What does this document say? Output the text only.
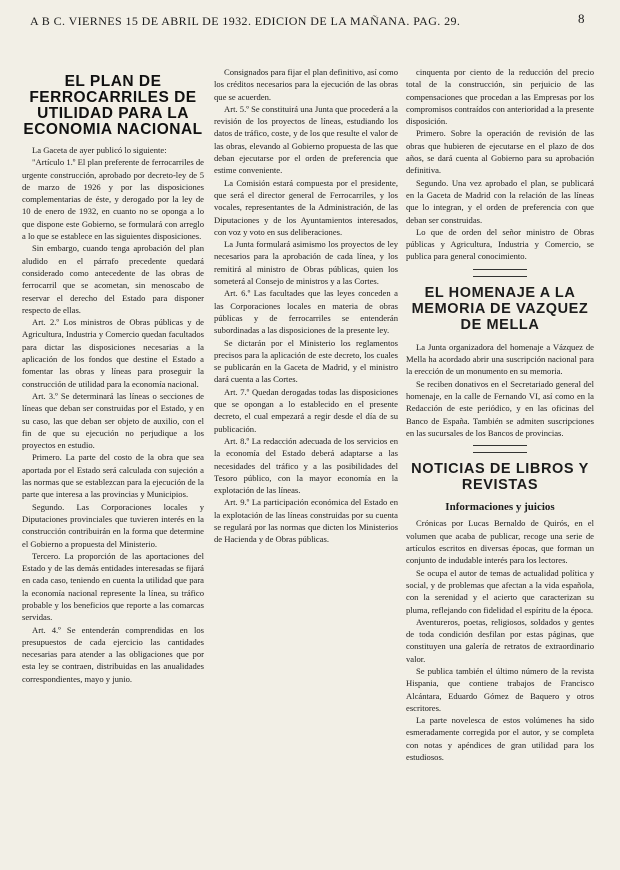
A B C. VIERNES 15 DE ABRIL DE 1932. EDICION DE LA MAÑANA. PAG. 29.	8
EL PLAN DE FERROCARRILES DE UTILIDAD PARA LA ECONOMIA NACIONAL

La Gaceta de ayer publicó lo siguiente:

"Artículo 1.º El plan preferente de ferrocarriles de urgente construcción, aprobado por decreto-ley de 5 de marzo de 1926 y por las disposiciones complementarias de éste, y derogado por la ley de 10 de enero de 1932, en cuanto no se oponga a lo que dispone este Gobierno, se formulará con arreglo a lo que se establece en las siguientes disposiciones.

Sin embargo, cuando tenga aprobación del plan aludido en el párrafo precedente quedará considerado como antecedente de las obras de ferrocarril que se acometan, sin menoscabo de reservar el derecho del Estado para disponer respecto de ellas.

Art. 2.º Los ministros de Obras públicas y de Agricultura, Industria y Comercio quedan facultados para dictar las disposiciones necesarias a la aplicación de los fondos que destine el Estado a fomentar las obras y líneas para proseguir la construcción de utilidad para la economía nacional.

Art. 3.º Se determinará las líneas o secciones de líneas que deban ser construidas por el Estado, y en su caso, las que deban ser objeto de auxilio, con el fin de que su ejecución no perjudique a los proyectos en estudio.

Primero. La parte del costo de la obra que sea aportada por el Estado será calculada con sujeción a las normas que se establezcan para la ejecución de la parte que interesa a las provincias y Municipios.

Segundo. Las Corporaciones locales y Diputaciones provinciales que tuvieren interés en la construcción contribuirán en la forma que determine el Gobierno a propuesta del Ministerio.

Tercero. La proporción de las aportaciones del Estado y de las demás entidades interesadas se fijará en cada caso, teniendo en cuenta la utilidad que para la economía nacional represente la línea, su tráfico probable y los beneficios que reporte a las comarcas servidas.

Art. 4.º Se entenderán comprendidas en los presupuestos de cada ejercicio las cantidades necesarias para atender a las obligaciones que por esta ley se contraen, distribuidas en las anualidades correspondientes, mayo y junio.

Consignados para fijar el plan definitivo, así como los créditos necesarios para la ejecución de las obras que se acuerden.

Art. 5.º Se constituirá una Junta que procederá a la revisión de los proyectos de líneas, estudiando los datos de tráfico, coste, y de los que resulte el valor de las obras, elevando al Gobierno propuesta de las que deban ejecutarse por el orden de preferencia que estime conveniente.

La Comisión estará compuesta por el presidente, que será el director general de Ferrocarriles, y los vocales, representantes de la Administración, de las Diputaciones y de los Ayuntamientos interesados, con voz y voto en sus deliberaciones.

La Junta formulará asimismo los proyectos de ley necesarios para la aprobación de cada línea, y los remitirá al ministro de Obras públicas, quien los someterá al Consejo de ministros y a las Cortes.

Art. 6.º Las facultades que las leyes conceden a las Corporaciones locales en materia de obras públicas y de ferrocarriles se entenderán subordinadas a las disposiciones de la presente ley.

Se dictarán por el Ministerio los reglamentos precisos para la aplicación de este decreto, los cuales se publicarán en la Gaceta de Madrid, y el ministro dará cuenta a las Cortes.

Art. 7.º Quedan derogadas todas las disposiciones que se opongan a lo establecido en el presente decreto, el cual empezará a regir desde el día de su publicación.

Art. 8.º La redacción adecuada de los servicios en la economía del Estado deberá adaptarse a las necesidades del tráfico y a las posibilidades del Tesoro público, con la mayor economía en la explotación de las líneas.

Art. 9.º La participación económica del Estado en la explotación de las líneas construidas por su cuenta se regulará por las normas que dicten los Ministerios de Hacienda y de Obras públicas.

cinquenta por ciento de la reducción del precio total de la construcción, sin perjuicio de las compensaciones que procedan a las Empresas por los compromisos contraídos con anterioridad a la presente disposición.

Primero. Sobre la operación de revisión de las obras que hubieren de ejecutarse en el plazo de dos años, se dará cuenta al Gobierno para su aprobación definitiva.

Segundo. Una vez aprobado el plan, se publicará en la Gaceta de Madrid con la relación de las líneas que lo integran, y el orden de preferencia con que deban ser construidas.

Lo que de orden del señor ministro de Obras públicas y Agricultura, Industria y Comercio, se publica para general conocimiento.

EL HOMENAJE A LA MEMORIA DE VAZQUEZ DE MELLA

La Junta organizadora del homenaje a Vázquez de Mella ha acordado abrir una suscripción nacional para la erección de un monumento en su memoria.

Se reciben donativos en el Secretariado general del homenaje, en la calle de Fernando VI, así como en la Redacción de este periódico, y en las oficinas del Banco de España. También se admiten suscripciones en las sucursales de los Bancos de provincias.

NOTICIAS DE LIBROS Y REVISTAS
Informaciones y juicios

Crónicas por Lucas Bernaldo de Quirós, en el volumen que acaba de publicar, recoge una serie de artículos escritos en diversas épocas, que forman un conjunto de indudable interés para los lectores.

Se ocupa el autor de temas de actualidad política y social, y de problemas que afectan a la vida española, con la serenidad y el acierto que caracterizan su pluma, reflejando con fidelidad el espíritu de la época.

Aventureros, poetas, religiosos, soldados y gentes de toda condición desfilan por estas páginas, que constituyen una galería de retratos de extraordinario valor.

Se publica también el último número de la revista Hispania, que contiene trabajos de Francisco Alcántara, Eduardo Gómez de Baquero y otros escritores.

La parte novelesca de estos volúmenes ha sido esmeradamente corregida por el autor, y se completa con notas y apéndices de gran utilidad para los estudiosos.
